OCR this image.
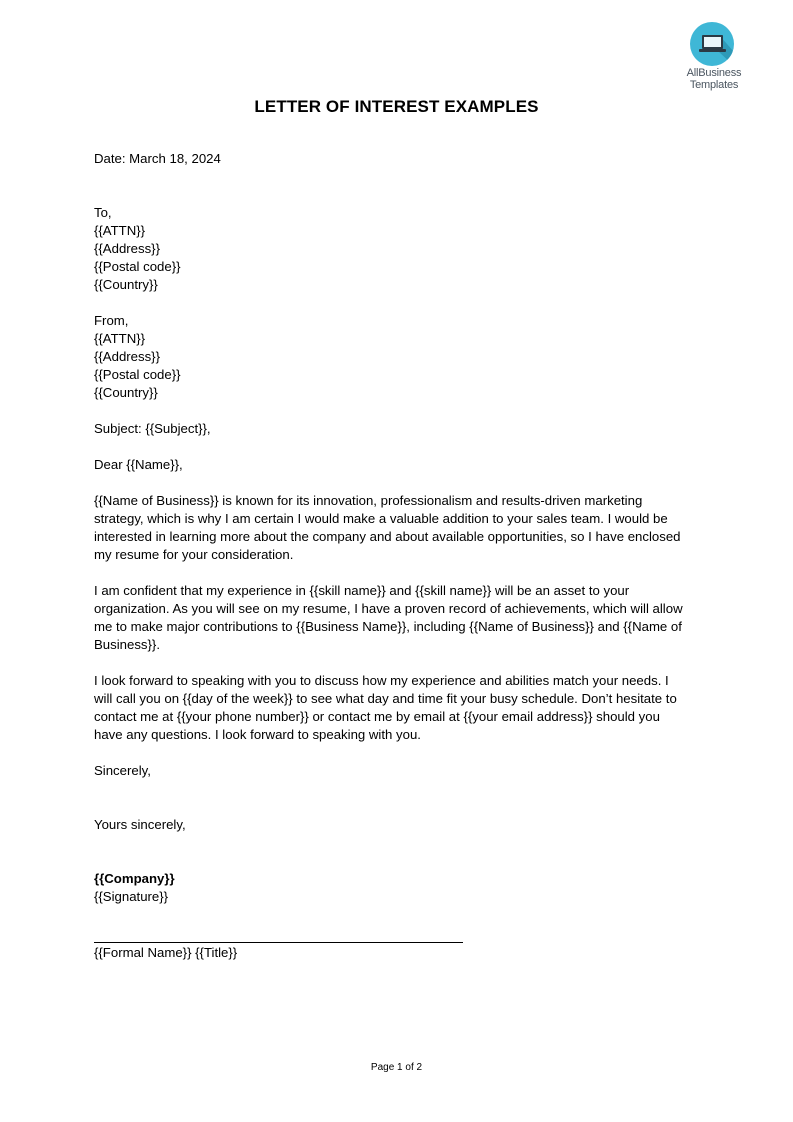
AllBusiness
Templates
LETTER OF INTEREST EXAMPLES
Date: March 18, 2024
To,
{{ATTN}}
{{Address}}
{{Postal code}}
{{Country}}
From,
{{ATTN}}
{{Address}}
{{Postal code}}
{{Country}}
Subject: {{Subject}},
Dear {{Name}},
{{Name of Business}} is known for its innovation, professionalism and results-driven marketing
strategy, which is why I am certain I would make a valuable addition to your sales team. I would be
interested in learning more about the company and about available opportunities, so I have enclosed
my resume for your consideration.
I am confident that my experience in {{skill name}} and {{skill name}} will be an asset to your
organization. As you will see on my resume, I have a proven record of achievements, which will allow
me to make major contributions to {{Business Name}}, including {{Name of Business}} and {{Name of
Business}}.
I look forward to speaking with you to discuss how my experience and abilities match your needs. I
will call you on {{day of the week}} to see what day and time fit your busy schedule. Don’t hesitate to
contact me at {{your phone number}} or contact me by email at {{your email address}} should you
have any questions. I look forward to speaking with you.
Sincerely,
Yours sincerely,
{{Company}}
{{Signature}}
{{Formal Name}} {{Title}}
Page 1 of 2
